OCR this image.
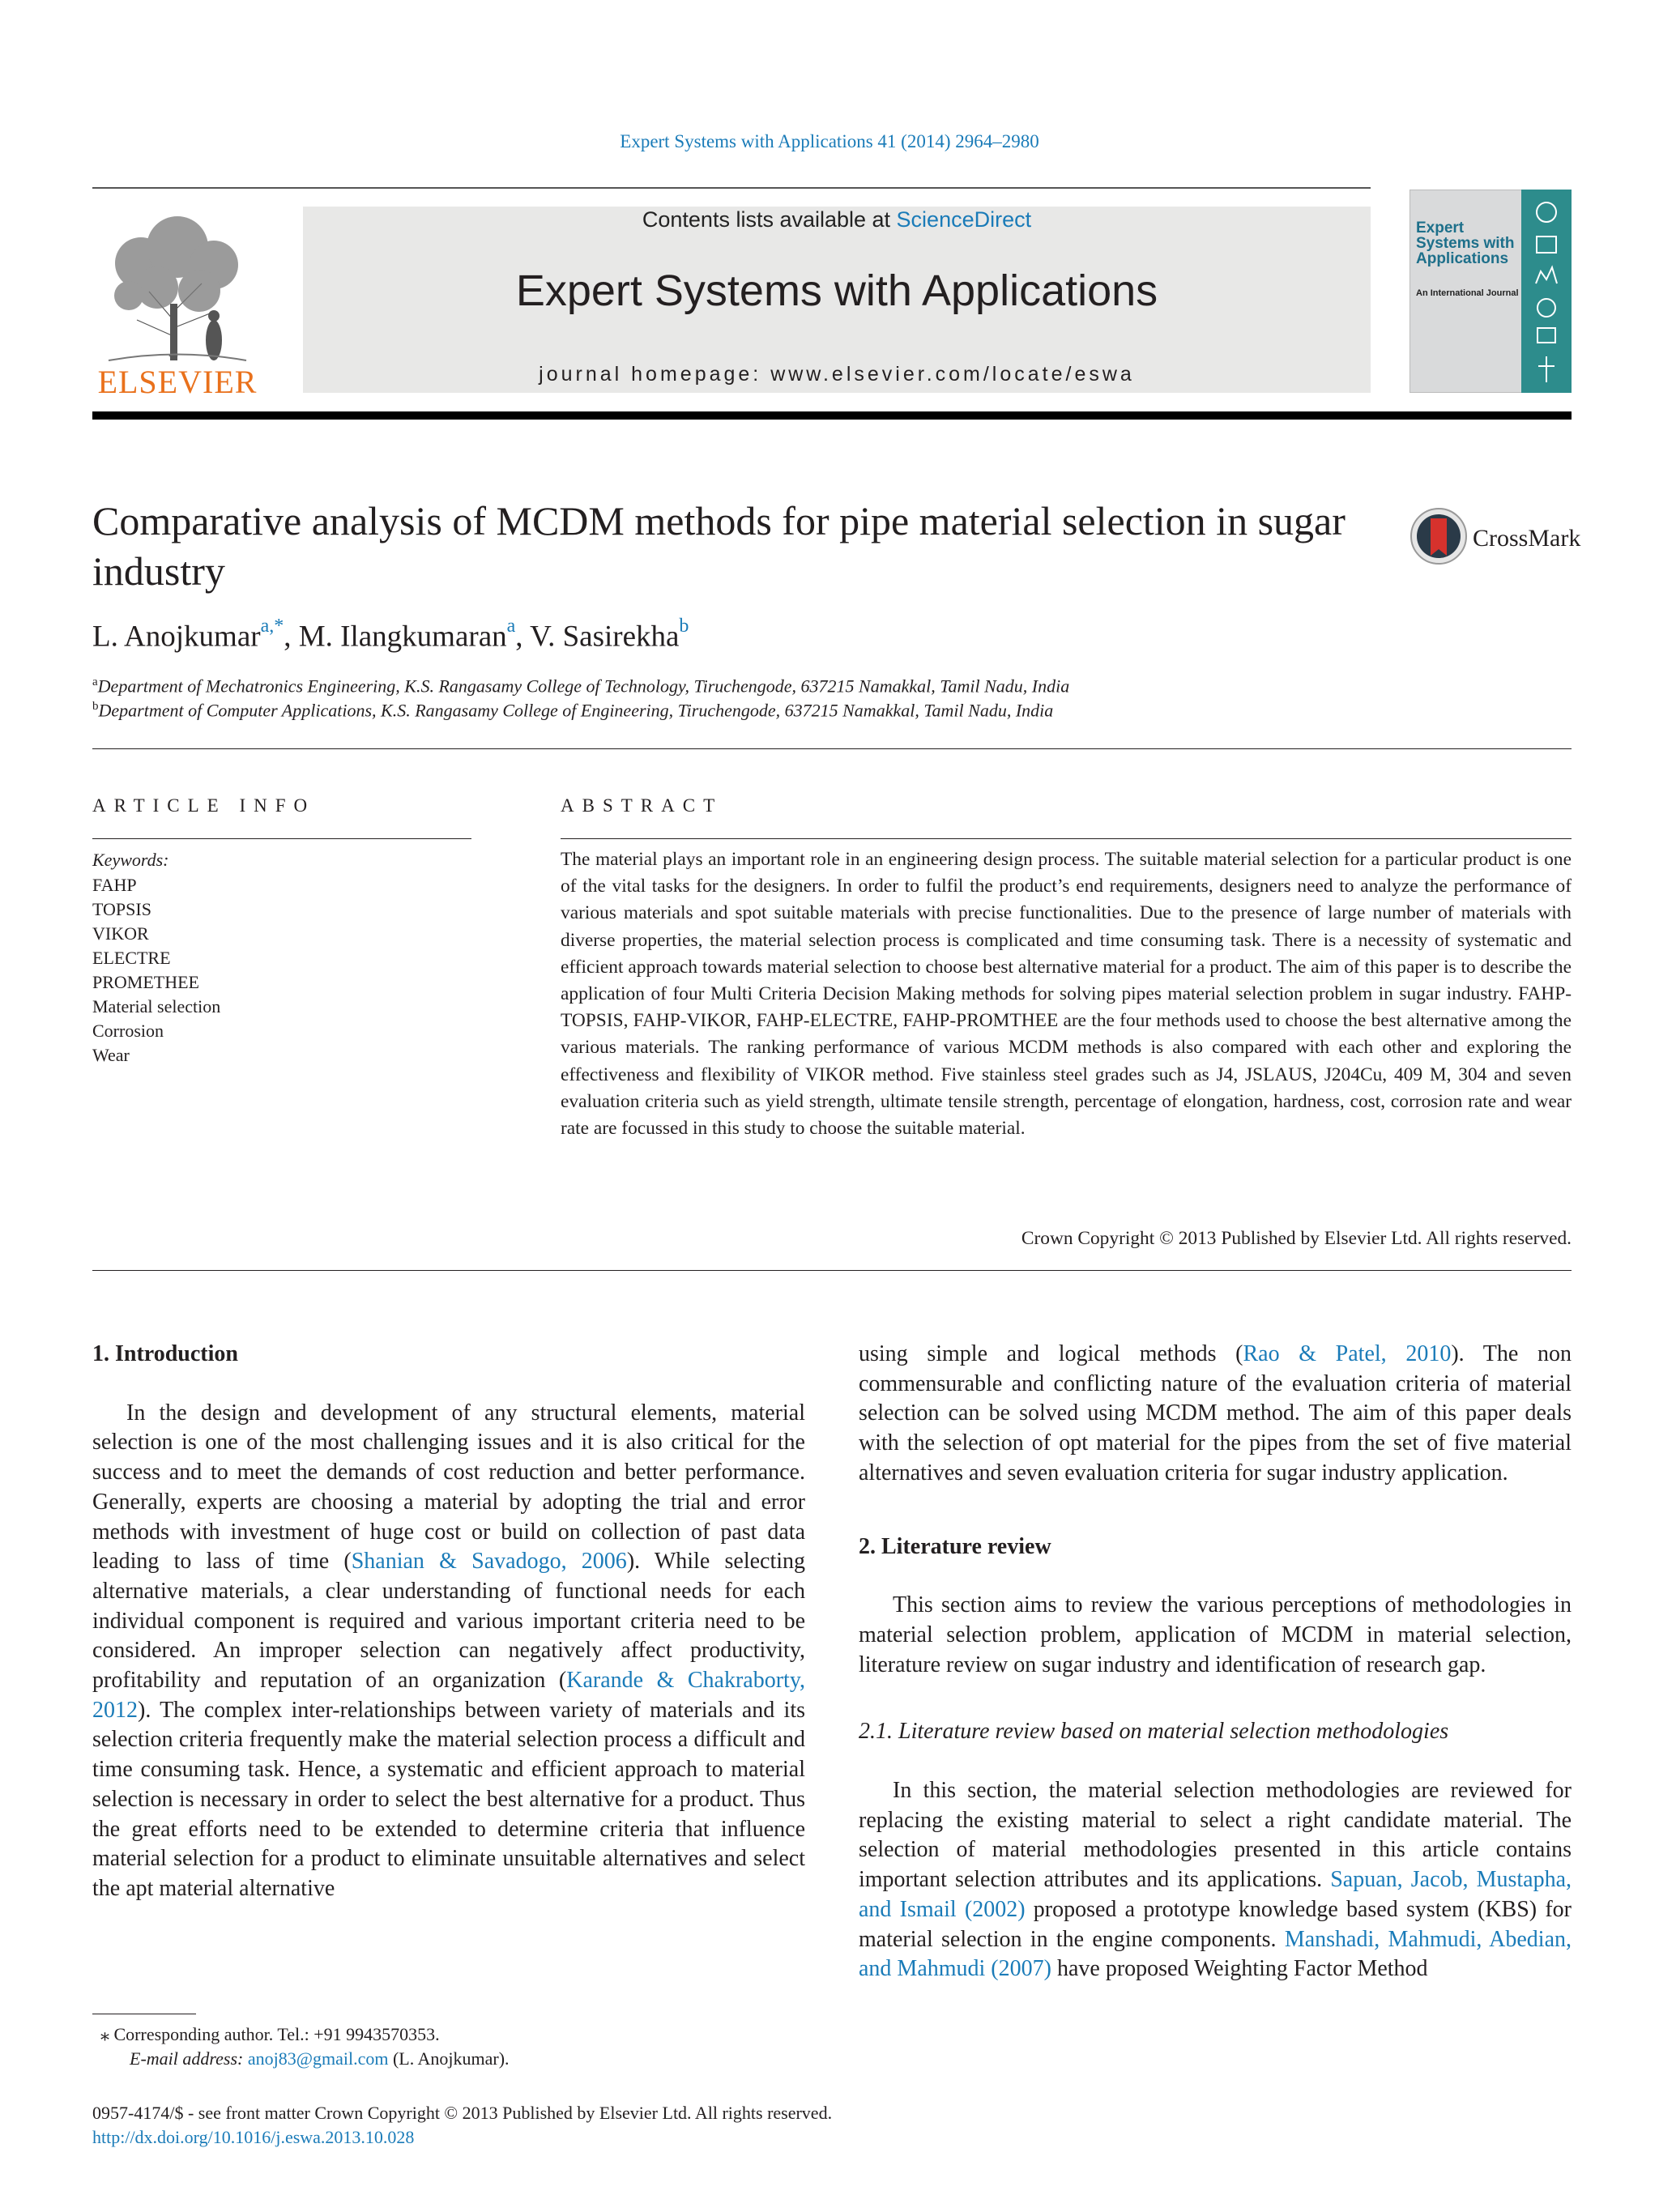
Expert Systems with Applications 41 (2014) 2964–2980
ELSEVIER
Contents lists available at ScienceDirect
Expert Systems with Applications
journal homepage: www.elsevier.com/locate/eswa
Expert Systems with Applications
An International Journal
Comparative analysis of MCDM methods for pipe material selection in sugar industry
CrossMark
L. Anojkumar$^{a,*}$, M. Ilangkumaran$^a$, V. Sasirekha$^b$
$^a$Department of Mechatronics Engineering, K.S. Rangasamy College of Technology, Tiruchengode, 637215 Namakkal, Tamil Nadu, India
$^b$Department of Computer Applications, K.S. Rangasamy College of Engineering, Tiruchengode, 637215 Namakkal, Tamil Nadu, India
ARTICLE INFO
Keywords:
FAHP
TOPSIS
VIKOR
ELECTRE
PROMETHEE
Material selection
Corrosion
Wear
ABSTRACT
The material plays an important role in an engineering design process. The suitable material selection for a particular product is one of the vital tasks for the designers. In order to fulfil the product’s end requirements, designers need to analyze the performance of various materials and spot suitable materials with precise functionalities. Due to the presence of large number of materials with diverse properties, the material selection process is complicated and time consuming task. There is a necessity of systematic and efficient approach towards material selection to choose best alternative material for a product. The aim of this paper is to describe the application of four Multi Criteria Decision Making methods for solving pipes material selection problem in sugar industry. FAHP-TOPSIS, FAHP-VIKOR, FAHP-ELECTRE, FAHP-PROMTHEE are the four methods used to choose the best alternative among the various materials. The ranking performance of various MCDM methods is also compared with each other and exploring the effectiveness and flexibility of VIKOR method. Five stainless steel grades such as J4, JSLAUS, J204Cu, 409 M, 304 and seven evaluation criteria such as yield strength, ultimate tensile strength, percentage of elongation, hardness, cost, corrosion rate and wear rate are focussed in this study to choose the suitable material.
Crown Copyright © 2013 Published by Elsevier Ltd. All rights reserved.
1. Introduction

In the design and development of any structural elements, material selection is one of the most challenging issues and it is also critical for the success and to meet the demands of cost reduction and better performance. Generally, experts are choosing a material by adopting the trial and error methods with investment of huge cost or build on collection of past data leading to lass of time (Shanian & Savadogo, 2006). While selecting alternative materials, a clear understanding of functional needs for each individual component is required and various important criteria need to be considered. An improper selection can negatively affect productivity, profitability and reputation of an organization (Karande & Chakraborty, 2012). The complex inter-relationships between variety of materials and its selection criteria frequently make the material selection process a difficult and time consuming task. Hence, a systematic and efficient approach to material selection is necessary in order to select the best alternative for a product. Thus the great efforts need to be extended to determine criteria that influence material selection for a product to eliminate unsuitable alternatives and select the apt material alternative

using simple and logical methods (Rao & Patel, 2010). The non commensurable and conflicting nature of the evaluation criteria of material selection can be solved using MCDM method. The aim of this paper deals with the selection of opt material for the pipes from the set of five material alternatives and seven evaluation criteria for sugar industry application.
2. Literature review

This section aims to review the various perceptions of methodologies in material selection problem, application of MCDM in material selection, literature review on sugar industry and identification of research gap.

2.1. Literature review based on material selection methodologies

In this section, the material selection methodologies are reviewed for replacing the existing material to select a right candidate material. The selection of material methodologies presented in this article contains important selection attributes and its applications. Sapuan, Jacob, Mustapha, and Ismail (2002) proposed a prototype knowledge based system (KBS) for material selection in the engine components. Manshadi, Mahmudi, Abedian, and Mahmudi (2007) have proposed Weighting Factor Method

⁎ Corresponding author. Tel.: +91 9943570353.
E-mail address: anoj83@gmail.com (L. Anojkumar).
0957-4174/$ - see front matter Crown Copyright © 2013 Published by Elsevier Ltd. All rights reserved.
http://dx.doi.org/10.1016/j.eswa.2013.10.028
